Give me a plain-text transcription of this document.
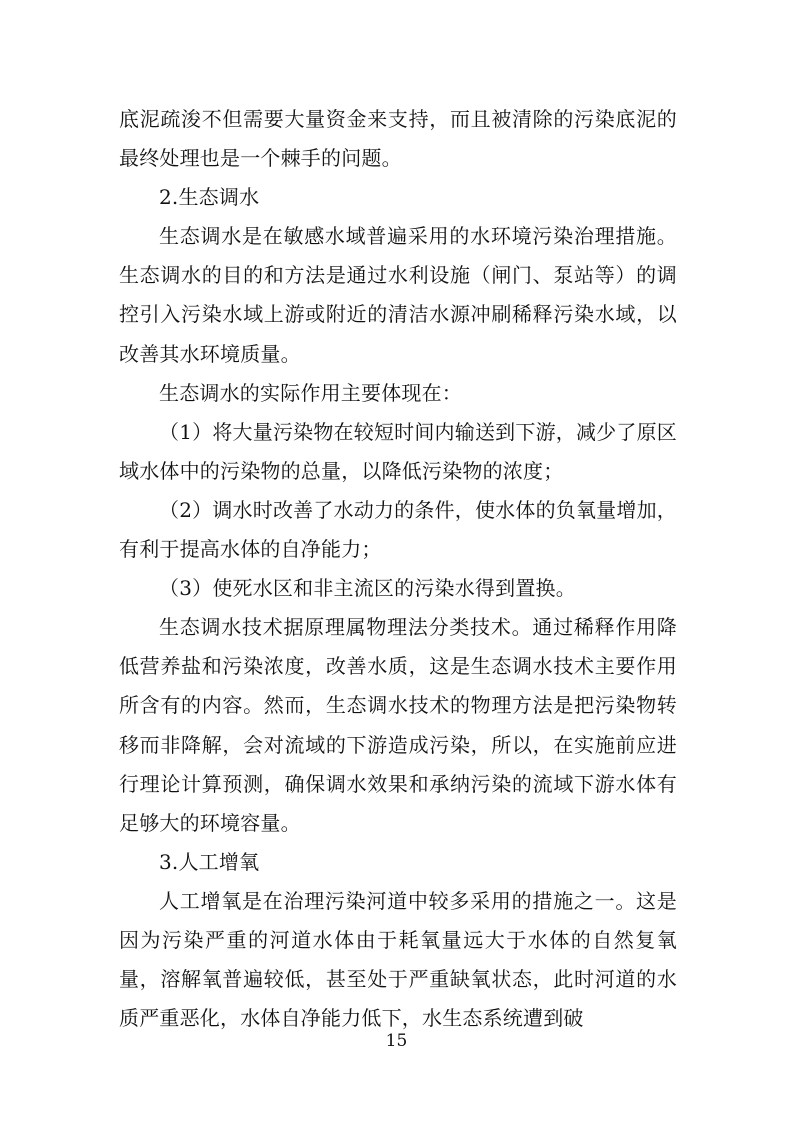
底泥疏浚不但需要大量资金来支持，而且被清除的污染底泥的最终处理也是一个棘手的问题。

2.生态调水

生态调水是在敏感水域普遍采用的水环境污染治理措施。生态调水的目的和方法是通过水利设施（闸门、泵站等）的调控引入污染水域上游或附近的清洁水源冲刷稀释污染水域，以改善其水环境质量。

生态调水的实际作用主要体现在：

（1）将大量污染物在较短时间内输送到下游，减少了原区域水体中的污染物的总量，以降低污染物的浓度；

（2）调水时改善了水动力的条件，使水体的负氧量增加，有利于提高水体的自净能力；

（3）使死水区和非主流区的污染水得到置换。

生态调水技术据原理属物理法分类技术。通过稀释作用降低营养盐和污染浓度，改善水质，这是生态调水技术主要作用所含有的内容。然而，生态调水技术的物理方法是把污染物转移而非降解，会对流域的下游造成污染，所以，在实施前应进行理论计算预测，确保调水效果和承纳污染的流域下游水体有足够大的环境容量。

3.人工增氧

人工增氧是在治理污染河道中较多采用的措施之一。这是因为污染严重的河道水体由于耗氧量远大于水体的自然复氧量，溶解氧普遍较低，甚至处于严重缺氧状态，此时河道的水质严重恶化，水体自净能力低下，水生态系统遭到破

15
